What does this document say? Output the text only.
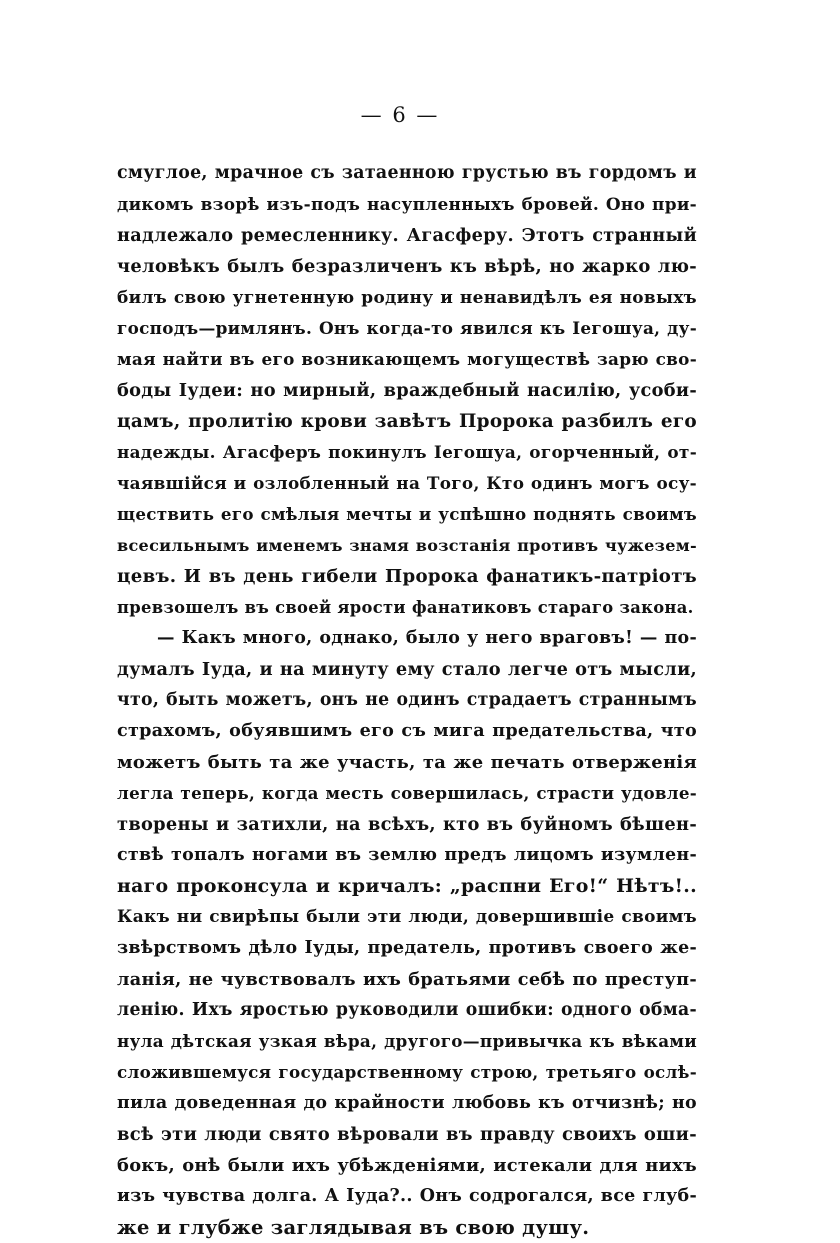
— 6 —
смуглое, мрачное съ затаенною грустью въ гордомъ и
дикомъ взорѣ изъ-подъ насупленныхъ бровей. Оно при-
надлежало ремесленнику. Агасферу. Этотъ странный
человѣкъ былъ безразличенъ къ вѣрѣ, но жарко лю-
билъ свою угнетенную родину и ненавидѣлъ ея новыхъ
господъ—римлянъ. Онъ когда-то явился къ Іегошуа, ду-
мая найти въ его возникающемъ могуществѣ зарю сво-
боды Іудеи: но мирный, враждебный насилію, усоби-
цамъ, пролитію крови завѣтъ Пророка разбилъ его
надежды. Агасферъ покинулъ Іегошуа, огорченный, от-
чаявшійся и озлобленный на Того, Кто одинъ могъ осу-
ществить его смѣлыя мечты и успѣшно поднять своимъ
всесильнымъ именемъ знамя возстанія противъ чужезем-
цевъ. И въ день гибели Пророка фанатикъ-патріотъ
превзошелъ въ своей ярости фанатиковъ стараго закона.
— Какъ много, однако, было у него враговъ! — по-
думалъ Іуда, и на минуту ему стало легче отъ мысли,
что, быть можетъ, онъ не одинъ страдаетъ страннымъ
страхомъ, обуявшимъ его съ мига предательства, что
можетъ быть та же участь, та же печать отверженія
легла теперь, когда месть совершилась, страсти удовле-
творены и затихли, на всѣхъ, кто въ буйномъ бѣшен-
ствѣ топалъ ногами въ землю предъ лицомъ изумлен-
наго проконсула и кричалъ: „распни Его!“ Нѣтъ!..
Какъ ни свирѣпы были эти люди, довершившіе своимъ
звѣрствомъ дѣло Іуды, предатель, противъ своего же-
ланія, не чувствовалъ ихъ братьями себѣ по преступ-
ленію. Ихъ яростью руководили ошибки: одного обма-
нула дѣтская узкая вѣра, другого—привычка къ вѣками
сложившемуся государственному строю, третьяго ослѣ-
пила доведенная до крайности любовь къ отчизнѣ; но
всѣ эти люди свято вѣровали въ правду своихъ оши-
бокъ, онѣ были ихъ убѣжденіями, истекали для нихъ
изъ чувства долга. А Іуда?.. Онъ содрогался, все глуб-
же и глубже заглядывая въ свою душу.
